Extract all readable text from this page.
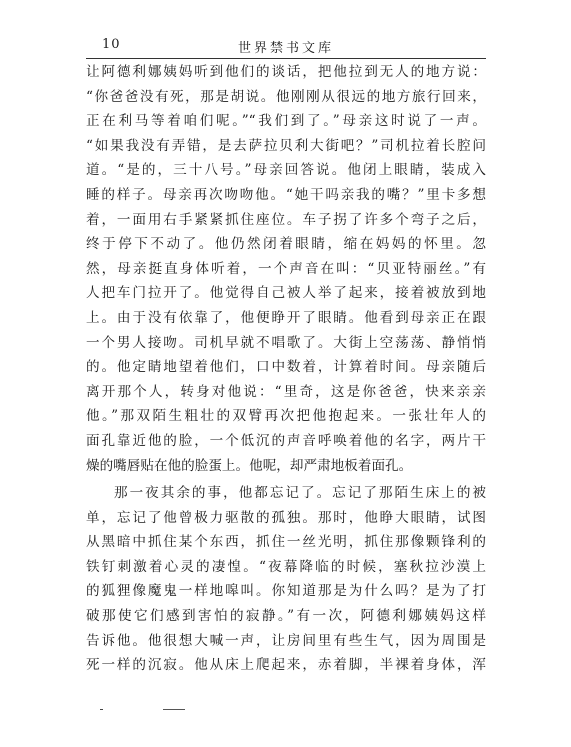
10	世界禁书文库
让阿德利娜姨妈听到他们的谈话，把他拉到无人的地方说：
“你爸爸没有死，那是胡说。他刚刚从很远的地方旅行回来，
正在利马等着咱们呢。”“我们到了。”母亲这时说了一声。
“如果我没有弄错，是去萨拉贝利大街吧？”司机拉着长腔问
道。“是的，三十八号。”母亲回答说。他闭上眼睛，装成入
睡的样子。母亲再次吻吻他。“她干吗亲我的嘴？”里卡多想
着，一面用右手紧紧抓住座位。车子拐了许多个弯子之后，
终于停下不动了。他仍然闭着眼睛，缩在妈妈的怀里。忽
然，母亲挺直身体听着，一个声音在叫：“贝亚特丽丝。”有
人把车门拉开了。他觉得自己被人举了起来，接着被放到地
上。由于没有依靠了，他便睁开了眼睛。他看到母亲正在跟
一个男人接吻。司机早就不唱歌了。大街上空荡荡、静悄悄
的。他定睛地望着他们，口中数着，计算着时间。母亲随后
离开那个人，转身对他说：“里奇，这是你爸爸，快来亲亲
他。”那双陌生粗壮的双臂再次把他抱起来。一张壮年人的
面孔靠近他的脸，一个低沉的声音呼唤着他的名字，两片干
燥的嘴唇贴在他的脸蛋上。他呢，却严肃地板着面孔。
那一夜其余的事，他都忘记了。忘记了那陌生床上的被
单，忘记了他曾极力驱散的孤独。那时，他睁大眼睛，试图
从黑暗中抓住某个东西，抓住一丝光明，抓住那像颗锋利的
铁钉刺激着心灵的凄惶。“夜幕降临的时候，塞秋拉沙漠上
的狐狸像魔鬼一样地嗥叫。你知道那是为什么吗？是为了打
破那使它们感到害怕的寂静。”有一次，阿德利娜姨妈这样
告诉他。他很想大喊一声，让房间里有些生气，因为周围是
死一样的沉寂。他从床上爬起来，赤着脚，半裸着身体，浑
